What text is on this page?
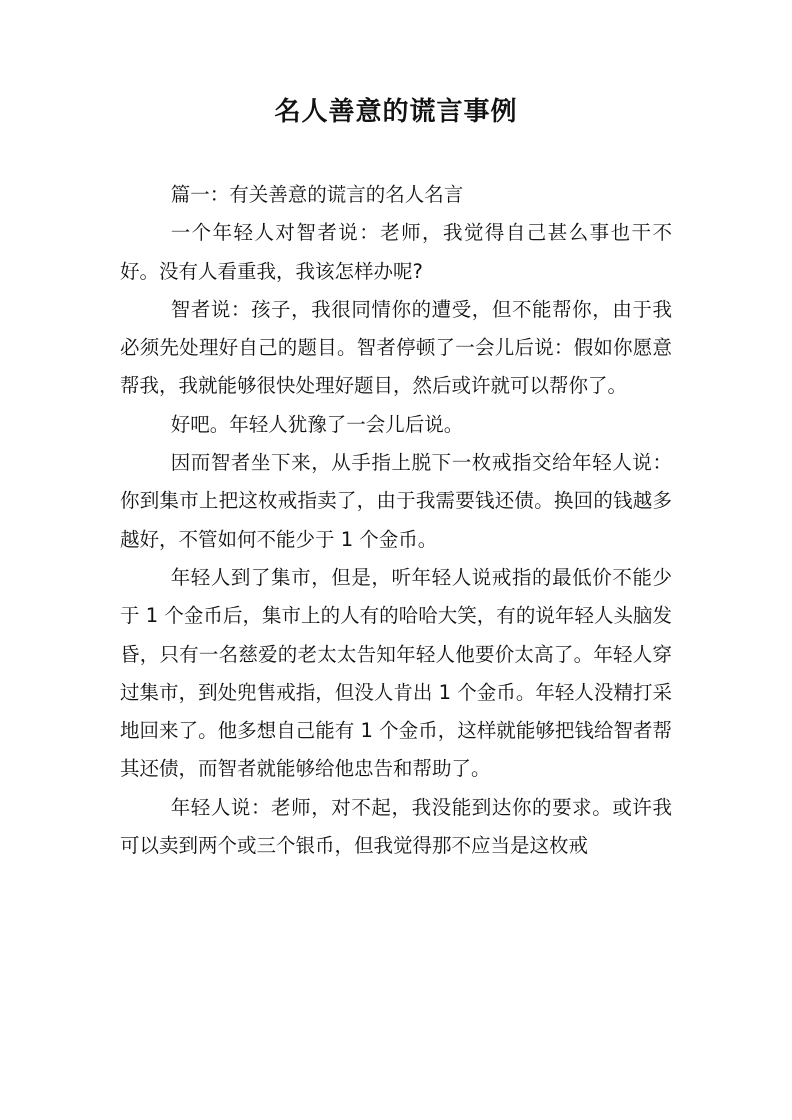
名人善意的谎言事例

篇一：有关善意的谎言的名人名言

一个年轻人对智者说：老师，我觉得自己甚么事也干不好。没有人看重我，我该怎样办呢?

智者说：孩子，我很同情你的遭受，但不能帮你，由于我必须先处理好自己的题目。智者停顿了一会儿后说：假如你愿意帮我，我就能够很快处理好题目，然后或许就可以帮你了。

好吧。年轻人犹豫了一会儿后说。

因而智者坐下来，从手指上脱下一枚戒指交给年轻人说：你到集市上把这枚戒指卖了，由于我需要钱还债。换回的钱越多越好，不管如何不能少于 1 个金币。

年轻人到了集市，但是，听年轻人说戒指的最低价不能少于 1 个金币后，集市上的人有的哈哈大笑，有的说年轻人头脑发昏，只有一名慈爱的老太太告知年轻人他要价太高了。年轻人穿过集市，到处兜售戒指，但没人肯出 1 个金币。年轻人没精打采地回来了。他多想自己能有 1 个金币，这样就能够把钱给智者帮其还债，而智者就能够给他忠告和帮助了。

年轻人说：老师，对不起，我没能到达你的要求。或许我可以卖到两个或三个银币，但我觉得那不应当是这枚戒
